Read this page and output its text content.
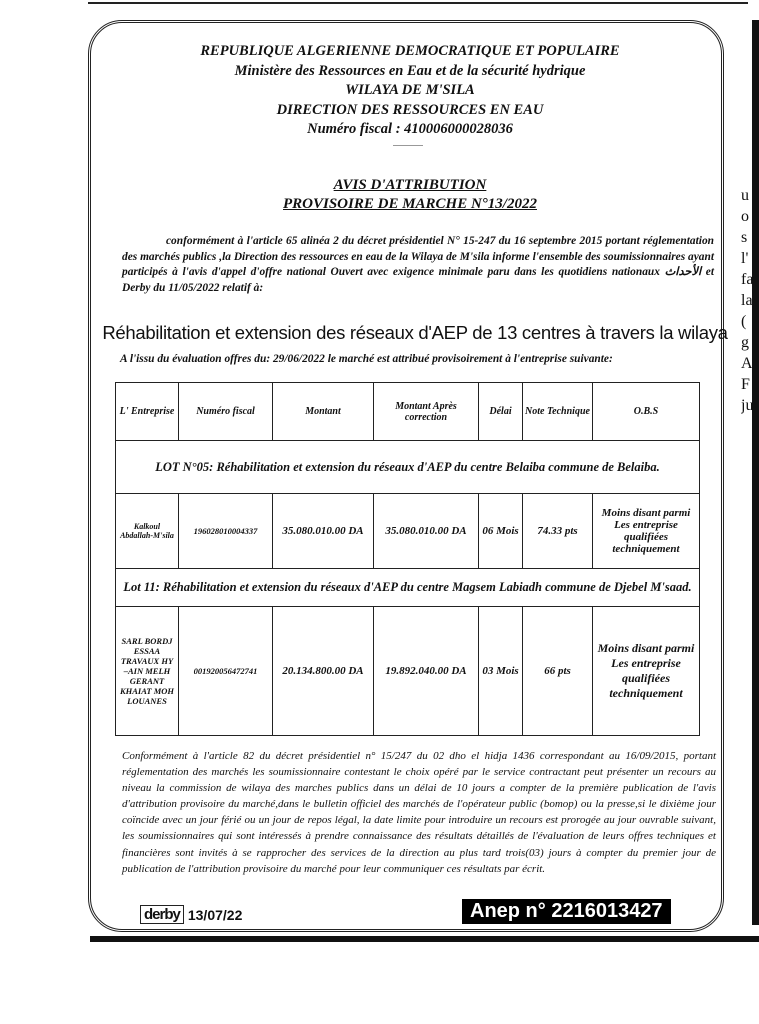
REPUBLIQUE ALGERIENNE DEMOCRATIQUE ET POPULAIRE
Ministère des Ressources en Eau et de la sécurité hydrique
WILAYA DE M'SILA
DIRECTION DES RESSOURCES EN EAU
Numéro fiscal : 410006000028036
AVIS D'ATTRIBUTION
PROVISOIRE DE MARCHE N°13/2022
conformément à l'article 65 alinéa 2 du décret présidentiel N° 15-247 du 16 septembre 2015 portant réglementation des marchés publics ,la Direction des ressources en eau de la Wilaya de M'sila informe l'ensemble des soumissionnaires ayant participés à l'avis d'appel d'offre national Ouvert avec exigence minimale paru dans les quotidiens nationaux الأحداث et Derby du 11/05/2022 relatif à:
Réhabilitation et extension des réseaux d'AEP de 13 centres à travers la wilaya
A l'issu du évaluation offres du: 29/06/2022 le marché est attribué provisoirement à l'entreprise suivante:
L' Entreprise	Numéro fiscal	Montant	Montant Après correction	Délai	Note Technique	O.B.S
LOT N°05: Réhabilitation et extension du réseaux d'AEP du centre Belaiba commune de Belaiba.						
Kalkoul Abdallah-M'sila	196028010004337	35.080.010.00 DA	35.080.010.00 DA	06 Mois	74.33 pts	Moins disant parmi Les entreprise qualifiées techniquement
Lot 11: Réhabilitation et extension du réseaux d'AEP du centre Magsem Labiadh commune de Djebel M'saad.						
SARL BORDJ ESSAA TRAVAUX HY –AIN MELH GERANT KHAIAT MOH LOUANES	001920056472741	20.134.800.00 DA	19.892.040.00 DA	03 Mois	66 pts	Moins disant parmi Les entreprise qualifiées techniquement
Conformément à l'article 82 du décret présidentiel n° 15/247 du 02 dho el hidja 1436 correspondant au 16/09/2015, portant réglementation des marchés les soumissionnaire contestant le choix opéré par le service contractant peut présenter un recours au niveau la commission de wilaya des marches publics dans un délai de 10 jours a compter de la première publication de l'avis d'attribution provisoire du marché,dans le bulletin officiel des marchés de l'opérateur public (bomop) ou la presse,si le dixième jour coïncide avec un jour férié ou un jour de repos légal, la date limite pour introduire un recours est prorogée au jour ouvrable suivant, les soumissionnaires qui sont intéressés à prendre connaissance des résultats détaillés de l'évaluation de leurs offres techniques et financières sont invités à se rapprocher des services de la direction au plus tard trois(03) jours à compter du premier jour de publication de l'attribution provisoire du marché pour leur communiquer ces résultats par écrit.
derby 13/07/22	Anep n° 2216013427
u
o
s
l'
fa
la
(
g
A
F
ju
